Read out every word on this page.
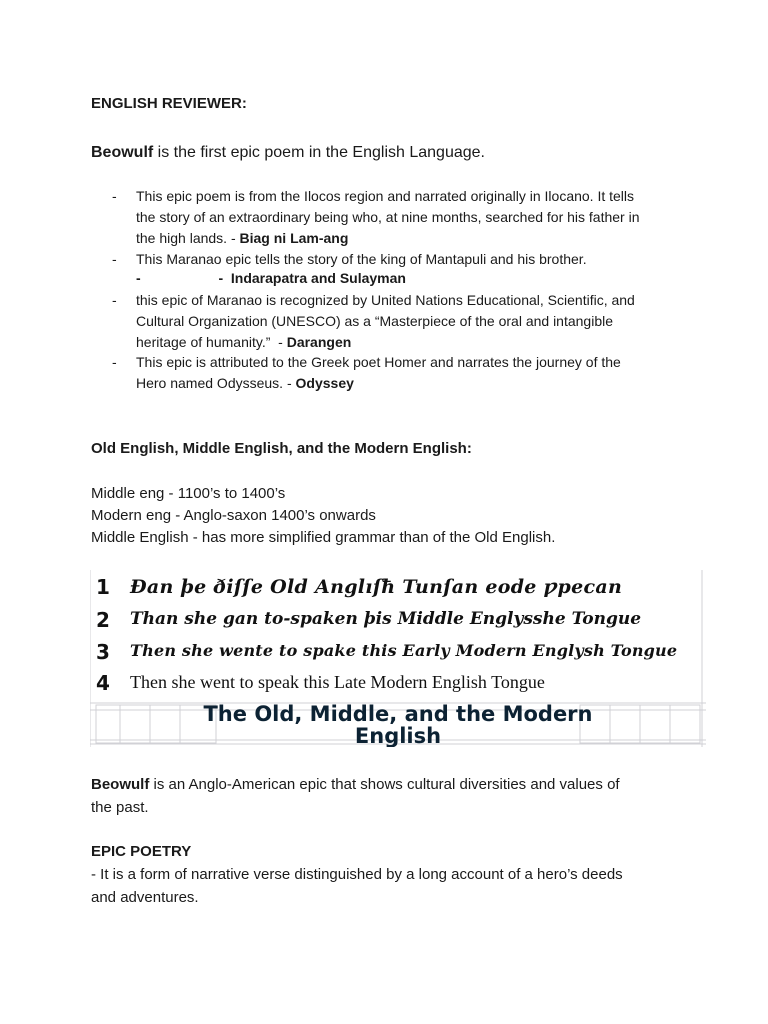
ENGLISH REVIEWER:
Beowulf is the first epic poem in the English Language.
- This epic poem is from the Ilocos region and narrated originally in Ilocano. It tells
the story of an extraordinary being who, at nine months, searched for his father in
the high lands. - Biag ni Lam-ang
- This Maranao epic tells the story of the king of Mantapuli and his brother.
-                    -  Indarapatra and Sulayman
- this epic of Maranao is recognized by United Nations Educational, Scientific, and
Cultural Organization (UNESCO) as a “Masterpiece of the oral and intangible
heritage of humanity.”  - Darangen
- This epic is attributed to the Greek poet Homer and narrates the journey of the
Hero named Odysseus. - Odyssey
Old English, Middle English, and the Modern English:
Middle eng - 1100’s to 1400’s
Modern eng - Anglo-saxon 1400’s onwards
Middle English - has more simplified grammar than of the Old English.
1 Đan þe ðiſſe Old Anglıſħ Tunſan eode ƿpecan
2 Than she gan to-spaken þis Middle Englysshe Tongue
3 Then she wente to spake this Early Modern Englysh Tongue
4 Then she went to speak this Late Modern English Tongue
The Old, Middle, and the Modern
English
Beowulf is an Anglo-American epic that shows cultural diversities and values of
the past.
EPIC POETRY
- It is a form of narrative verse distinguished by a long account of a hero’s deeds
and adventures.
